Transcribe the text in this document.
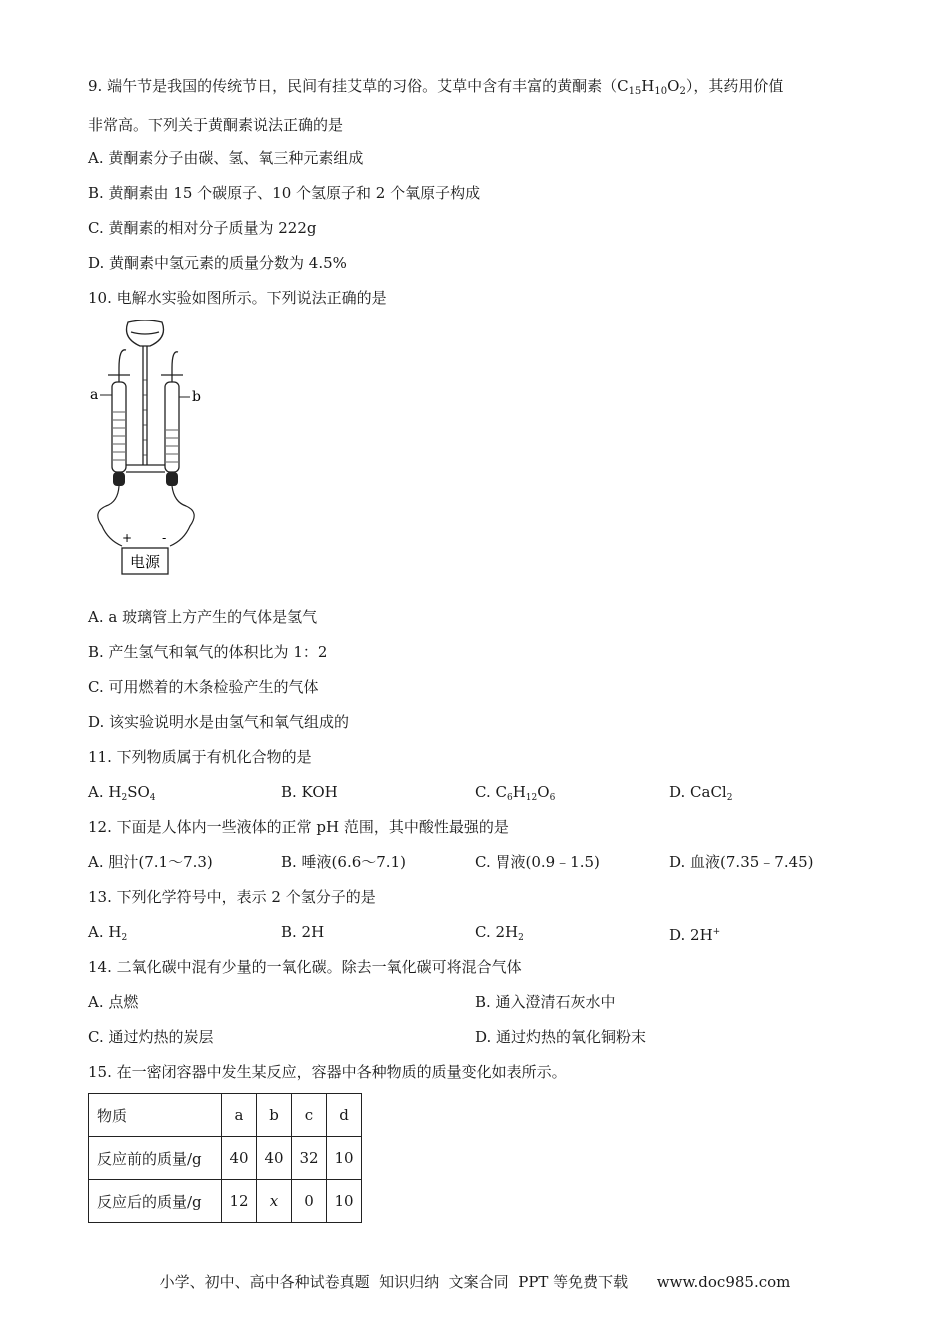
9. 端午节是我国的传统节日，民间有挂艾草的习俗。艾草中含有丰富的黄酮素$(C_{15}H_{10}O_2)$，其药用价值
非常高。下列关于黄酮素说法正确的是
A. 黄酮素分子由碳、氢、氧三种元素组成
B. 黄酮素由 15 个碳原子、10 个氢原子和 2 个氧原子构成
C. 黄酮素的相对分子质量为 222g
D. 黄酮素中氢元素的质量分数为 4.5%
10. 电解水实验如图所示。下列说法正确的是
电源
a	b
+ -
A. a 玻璃管上方产生的气体是氢气
B. 产生氢气和氧气的体积比为 1：2
C. 可用燃着的木条检验产生的气体
D. 该实验说明水是由氢气和氧气组成的
11. 下列物质属于有机化合物的是
A. $H_2SO_4$	B. KOH	C. $C_6H_{12}O_6$	D. CaCl$_2$
12. 下面是人体内一些液体的正常 pH 范围，其中酸性最强的是
A. 胆汁(7.1～7.3)	B. 唾液(6.6～7.1)	C. 胃液(0.9﹣1.5)	D. 血液(7.35﹣7.45)
13. 下列化学符号中，表示 2 个氢分子的是
A. $H_2$	B. 2H	C. $2H_2$	D. 2H+
14. 二氧化碳中混有少量的一氧化碳。除去一氧化碳可将混合气体
A. 点燃	B. 通入澄清石灰水中
C. 通过灼热的炭层	D. 通过灼热的氧化铜粉末
15. 在一密闭容器中发生某反应，容器中各种物质的质量变化如表所示。
物质	a	b	c	d
反应前的质量/g	40	40	32	10
反应后的质量/g	12	x	0	10
小学、初中、高中各种试卷真题  知识归纳  文案合同  PPT 等免费下载      www.doc985.com
